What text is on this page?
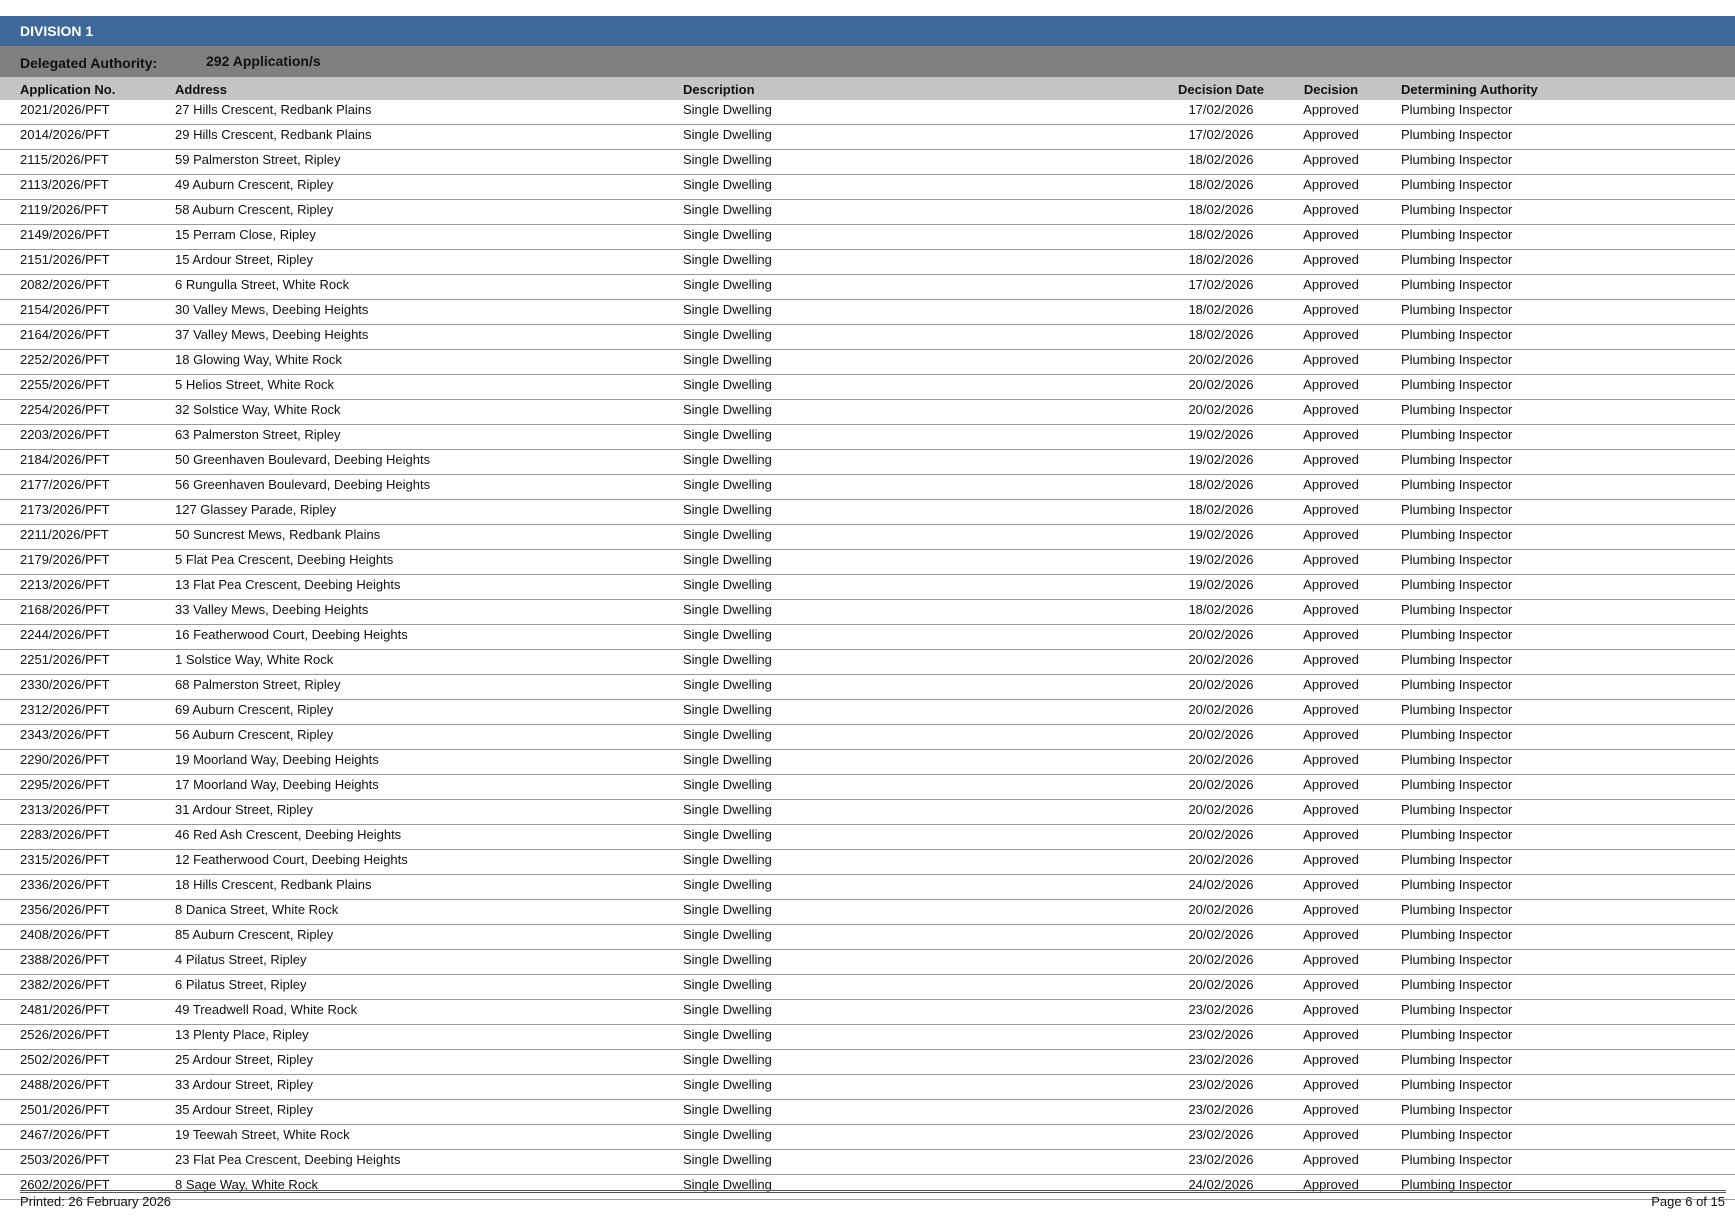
DIVISION 1
Delegated Authority:	292 Application/s
Application No.	Address	Description	Decision Date	Decision	Determining Authority
2021/2026/PFT	27 Hills Crescent, Redbank Plains	Single Dwelling	17/02/2026	Approved	Plumbing Inspector
2014/2026/PFT	29 Hills Crescent, Redbank Plains	Single Dwelling	17/02/2026	Approved	Plumbing Inspector
2115/2026/PFT	59 Palmerston Street, Ripley	Single Dwelling	18/02/2026	Approved	Plumbing Inspector
2113/2026/PFT	49 Auburn Crescent, Ripley	Single Dwelling	18/02/2026	Approved	Plumbing Inspector
2119/2026/PFT	58 Auburn Crescent, Ripley	Single Dwelling	18/02/2026	Approved	Plumbing Inspector
2149/2026/PFT	15 Perram Close, Ripley	Single Dwelling	18/02/2026	Approved	Plumbing Inspector
2151/2026/PFT	15 Ardour Street, Ripley	Single Dwelling	18/02/2026	Approved	Plumbing Inspector
2082/2026/PFT	6 Rungulla Street, White Rock	Single Dwelling	17/02/2026	Approved	Plumbing Inspector
2154/2026/PFT	30 Valley Mews, Deebing Heights	Single Dwelling	18/02/2026	Approved	Plumbing Inspector
2164/2026/PFT	37 Valley Mews, Deebing Heights	Single Dwelling	18/02/2026	Approved	Plumbing Inspector
2252/2026/PFT	18 Glowing Way, White Rock	Single Dwelling	20/02/2026	Approved	Plumbing Inspector
2255/2026/PFT	5 Helios Street, White Rock	Single Dwelling	20/02/2026	Approved	Plumbing Inspector
2254/2026/PFT	32 Solstice Way, White Rock	Single Dwelling	20/02/2026	Approved	Plumbing Inspector
2203/2026/PFT	63 Palmerston Street, Ripley	Single Dwelling	19/02/2026	Approved	Plumbing Inspector
2184/2026/PFT	50 Greenhaven Boulevard, Deebing Heights	Single Dwelling	19/02/2026	Approved	Plumbing Inspector
2177/2026/PFT	56 Greenhaven Boulevard, Deebing Heights	Single Dwelling	18/02/2026	Approved	Plumbing Inspector
2173/2026/PFT	127 Glassey Parade, Ripley	Single Dwelling	18/02/2026	Approved	Plumbing Inspector
2211/2026/PFT	50 Suncrest Mews, Redbank Plains	Single Dwelling	19/02/2026	Approved	Plumbing Inspector
2179/2026/PFT	5 Flat Pea Crescent, Deebing Heights	Single Dwelling	19/02/2026	Approved	Plumbing Inspector
2213/2026/PFT	13 Flat Pea Crescent, Deebing Heights	Single Dwelling	19/02/2026	Approved	Plumbing Inspector
2168/2026/PFT	33 Valley Mews, Deebing Heights	Single Dwelling	18/02/2026	Approved	Plumbing Inspector
2244/2026/PFT	16 Featherwood Court, Deebing Heights	Single Dwelling	20/02/2026	Approved	Plumbing Inspector
2251/2026/PFT	1 Solstice Way, White Rock	Single Dwelling	20/02/2026	Approved	Plumbing Inspector
2330/2026/PFT	68 Palmerston Street, Ripley	Single Dwelling	20/02/2026	Approved	Plumbing Inspector
2312/2026/PFT	69 Auburn Crescent, Ripley	Single Dwelling	20/02/2026	Approved	Plumbing Inspector
2343/2026/PFT	56 Auburn Crescent, Ripley	Single Dwelling	20/02/2026	Approved	Plumbing Inspector
2290/2026/PFT	19 Moorland Way, Deebing Heights	Single Dwelling	20/02/2026	Approved	Plumbing Inspector
2295/2026/PFT	17 Moorland Way, Deebing Heights	Single Dwelling	20/02/2026	Approved	Plumbing Inspector
2313/2026/PFT	31 Ardour Street, Ripley	Single Dwelling	20/02/2026	Approved	Plumbing Inspector
2283/2026/PFT	46 Red Ash Crescent, Deebing Heights	Single Dwelling	20/02/2026	Approved	Plumbing Inspector
2315/2026/PFT	12 Featherwood Court, Deebing Heights	Single Dwelling	20/02/2026	Approved	Plumbing Inspector
2336/2026/PFT	18 Hills Crescent, Redbank Plains	Single Dwelling	24/02/2026	Approved	Plumbing Inspector
2356/2026/PFT	8 Danica Street, White Rock	Single Dwelling	20/02/2026	Approved	Plumbing Inspector
2408/2026/PFT	85 Auburn Crescent, Ripley	Single Dwelling	20/02/2026	Approved	Plumbing Inspector
2388/2026/PFT	4 Pilatus Street, Ripley	Single Dwelling	20/02/2026	Approved	Plumbing Inspector
2382/2026/PFT	6 Pilatus Street, Ripley	Single Dwelling	20/02/2026	Approved	Plumbing Inspector
2481/2026/PFT	49 Treadwell Road, White Rock	Single Dwelling	23/02/2026	Approved	Plumbing Inspector
2526/2026/PFT	13 Plenty Place, Ripley	Single Dwelling	23/02/2026	Approved	Plumbing Inspector
2502/2026/PFT	25 Ardour Street, Ripley	Single Dwelling	23/02/2026	Approved	Plumbing Inspector
2488/2026/PFT	33 Ardour Street, Ripley	Single Dwelling	23/02/2026	Approved	Plumbing Inspector
2501/2026/PFT	35 Ardour Street, Ripley	Single Dwelling	23/02/2026	Approved	Plumbing Inspector
2467/2026/PFT	19 Teewah Street, White Rock	Single Dwelling	23/02/2026	Approved	Plumbing Inspector
2503/2026/PFT	23 Flat Pea Crescent, Deebing Heights	Single Dwelling	23/02/2026	Approved	Plumbing Inspector
2602/2026/PFT	8 Sage Way, White Rock	Single Dwelling	24/02/2026	Approved	Plumbing Inspector
Printed: 26 February 2026	Page 6 of 15
